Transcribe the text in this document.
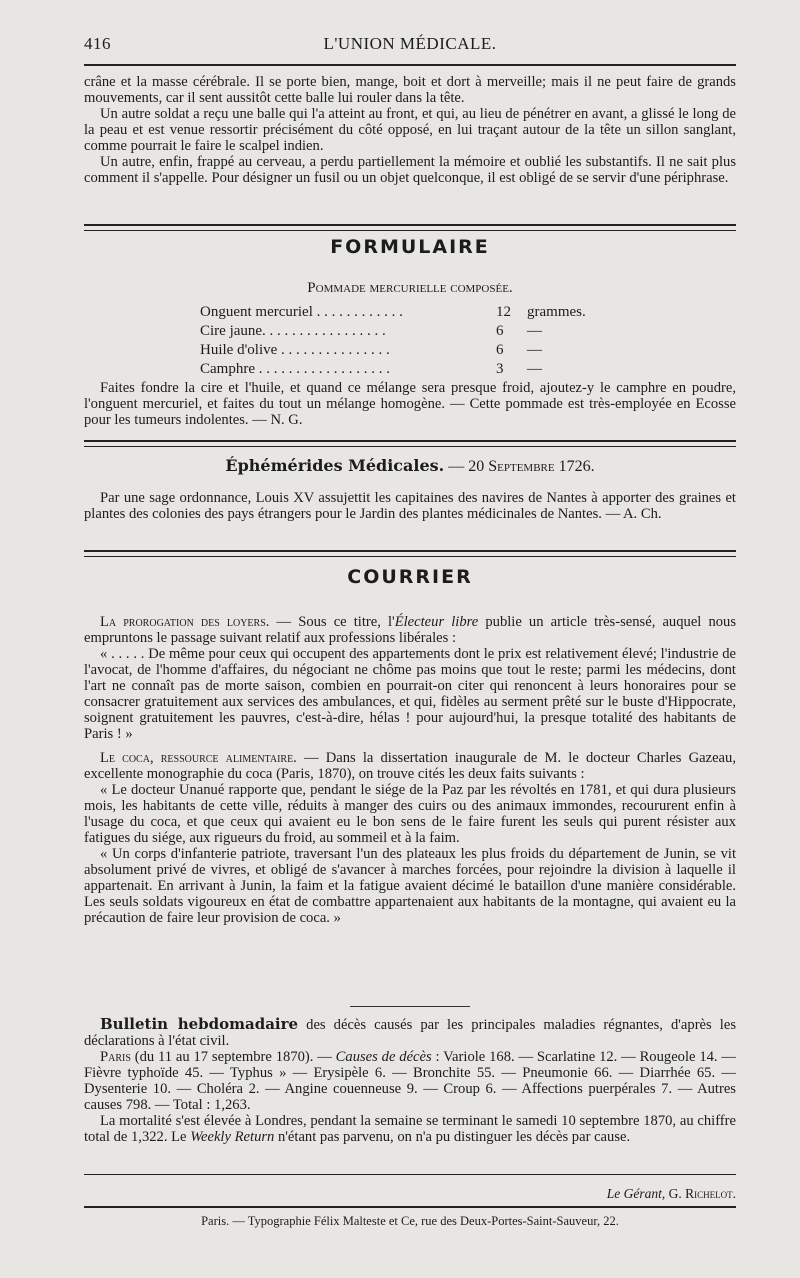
416	L'UNION MÉDICALE.

crâne et la masse cérébrale. Il se porte bien, mange, boit et dort à merveille; mais il ne peut faire de grands mouvements, car il sent aussitôt cette balle lui rouler dans la tête.

Un autre soldat a reçu une balle qui l'a atteint au front, et qui, au lieu de pénétrer en avant, a glissé le long de la peau et est venue ressortir précisément du côté opposé, en lui traçant autour de la tête un sillon sanglant, comme pourrait le faire le scalpel indien.

Un autre, enfin, frappé au cerveau, a perdu partiellement la mémoire et oublié les substantifs. Il ne sait plus comment il s'appelle. Pour désigner un fusil ou un objet quelconque, il est obligé de se servir d'une périphrase.

FORMULAIRE
Pommade mercurielle composée.
Onguent mercuriel . . . . . . . . . . . .	12 grammes.
Cire jaune. . . . . . . . . . . . . . . . .	6 —
Huile d'olive . . . . . . . . . . . . . . .	6 —
Camphre . . . . . . . . . . . . . . . . . .	3 —

Faites fondre la cire et l'huile, et quand ce mélange sera presque froid, ajoutez-y le camphre en poudre, l'onguent mercuriel, et faites du tout un mélange homogène. — Cette pommade est très-employée en Ecosse pour les tumeurs indolentes. — N. G.

Éphémérides Médicales. — 20 Septembre 1726.

Par une sage ordonnance, Louis XV assujettit les capitaines des navires de Nantes à apporter des graines et plantes des colonies des pays étrangers pour le Jardin des plantes médicinales de Nantes. — A. Ch.

COURRIER

La prorogation des loyers. — Sous ce titre, l'Électeur libre publie un article très-sensé, auquel nous empruntons le passage suivant relatif aux professions libérales :

« . . . . . De même pour ceux qui occupent des appartements dont le prix est relativement élevé; l'industrie de l'avocat, de l'homme d'affaires, du négociant ne chôme pas moins que tout le reste; parmi les médecins, dont l'art ne connaît pas de morte saison, combien en pourrait-on citer qui renoncent à leurs honoraires pour se consacrer gratuitement aux services des ambulances, et qui, fidèles au serment prêté sur le buste d'Hippocrate, soignent gratuitement les pauvres, c'est-à-dire, hélas ! pour aujourd'hui, la presque totalité des habitants de Paris ! »

Le coca, ressource alimentaire. — Dans la dissertation inaugurale de M. le docteur Charles Gazeau, excellente monographie du coca (Paris, 1870), on trouve cités les deux faits suivants :

« Le docteur Unanué rapporte que, pendant le siége de la Paz par les révoltés en 1781, et qui dura plusieurs mois, les habitants de cette ville, réduits à manger des cuirs ou des animaux immondes, recoururent enfin à l'usage du coca, et que ceux qui avaient eu le bon sens de le faire furent les seuls qui purent résister aux fatigues du siége, aux rigueurs du froid, au sommeil et à la faim.

« Un corps d'infanterie patriote, traversant l'un des plateaux les plus froids du département de Junin, se vit absolument privé de vivres, et obligé de s'avancer à marches forcées, pour rejoindre la division à laquelle il appartenait. En arrivant à Junin, la faim et la fatigue avaient décimé le bataillon d'une manière considérable. Les seuls soldats vigoureux en état de combattre appartenaient aux habitants de la montagne, qui avaient eu la précaution de faire leur provision de coca. »

Bulletin hebdomadaire des décès causés par les principales maladies régnantes, d'après les déclarations à l'état civil.

Paris (du 11 au 17 septembre 1870). — Causes de décès : Variole 168. — Scarlatine 12. — Rougeole 14. — Fièvre typhoïde 45. — Typhus » — Erysipèle 6. — Bronchite 55. — Pneumonie 66. — Diarrhée 65. — Dysenterie 10. — Choléra 2. — Angine couenneuse 9. — Croup 6. — Affections puerpérales 7. — Autres causes 798. — Total : 1,263.

La mortalité s'est élevée à Londres, pendant la semaine se terminant le samedi 10 septembre 1870, au chiffre total de 1,322. Le Weekly Return n'étant pas parvenu, on n'a pu distinguer les décès par cause.

Le Gérant, G. Richelot.
Paris. — Typographie Félix Malteste et Ce, rue des Deux-Portes-Saint-Sauveur, 22.
